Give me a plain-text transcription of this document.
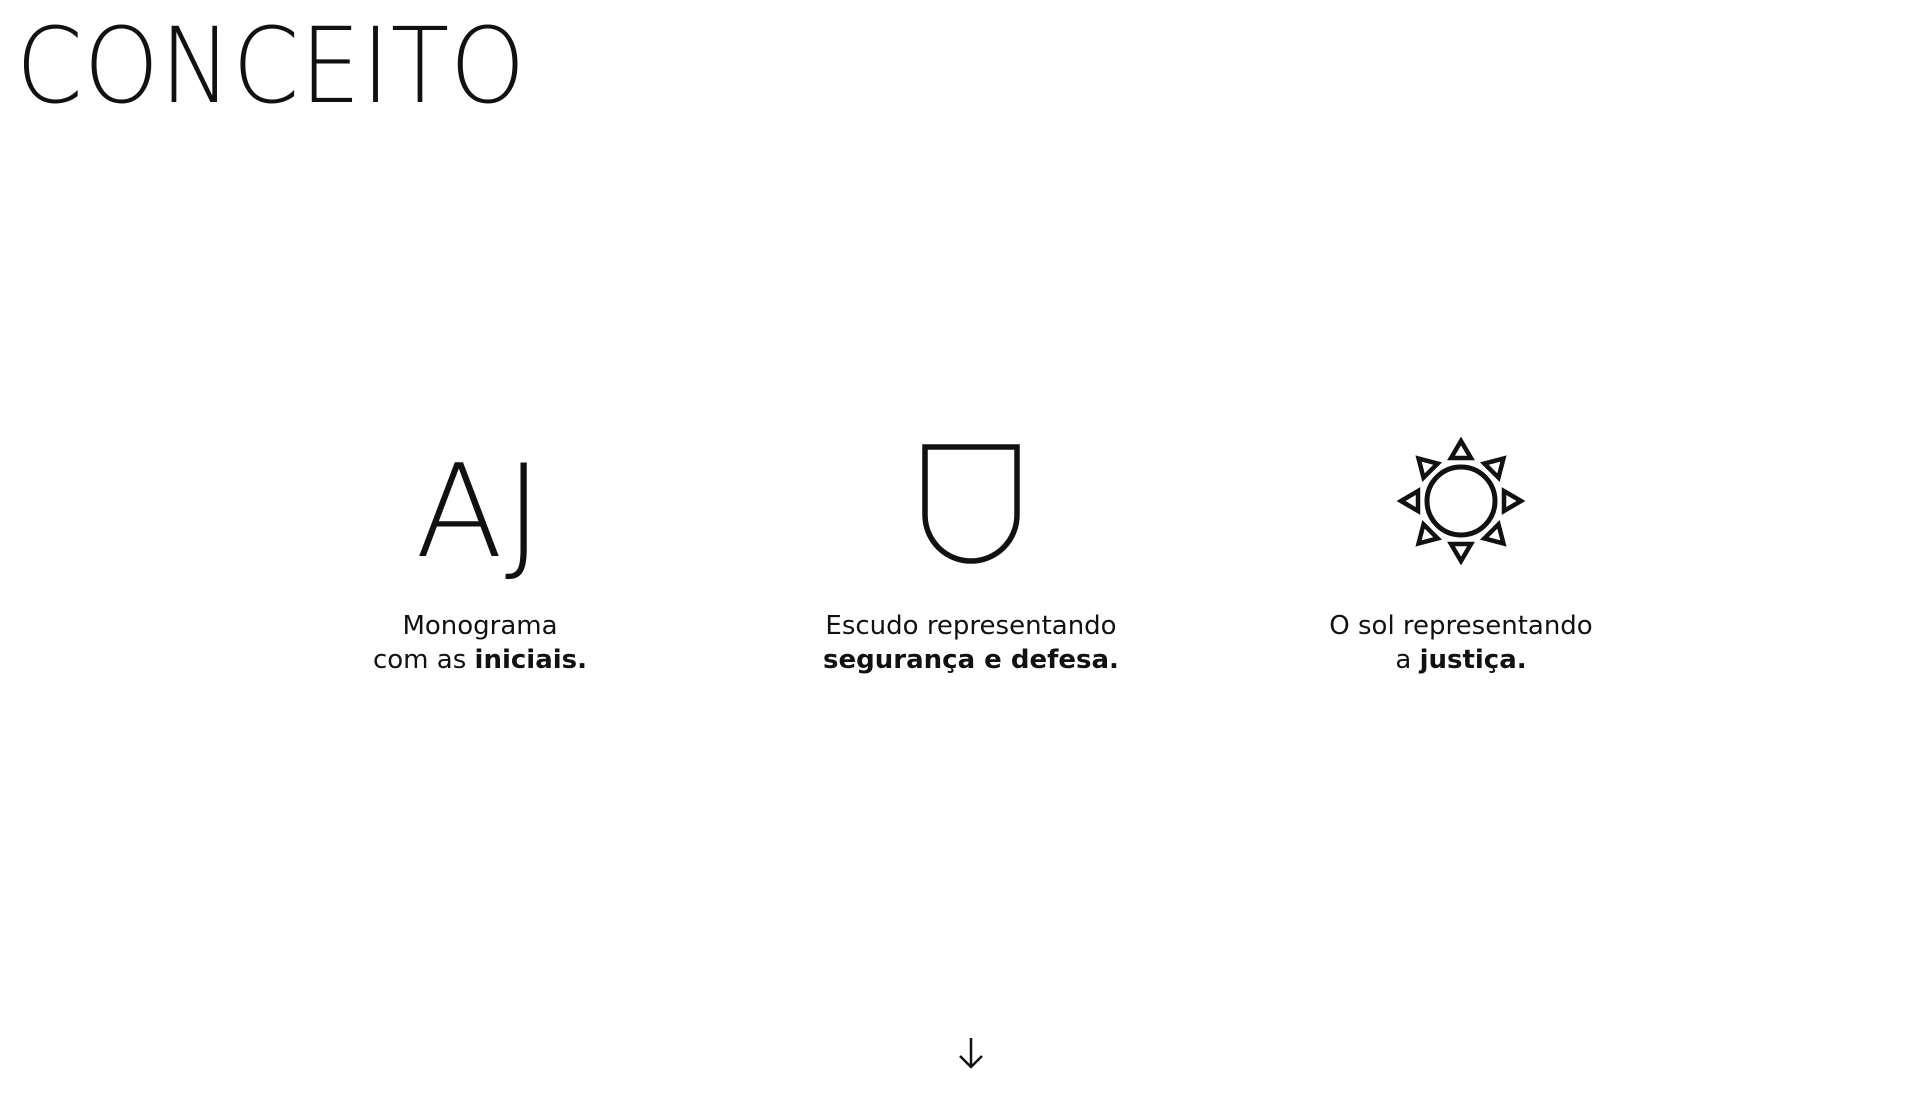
CONCEITO
AJ
Monograma
com as iniciais.
Escudo representando
segurança e defesa.
O sol representando
a justiça.
